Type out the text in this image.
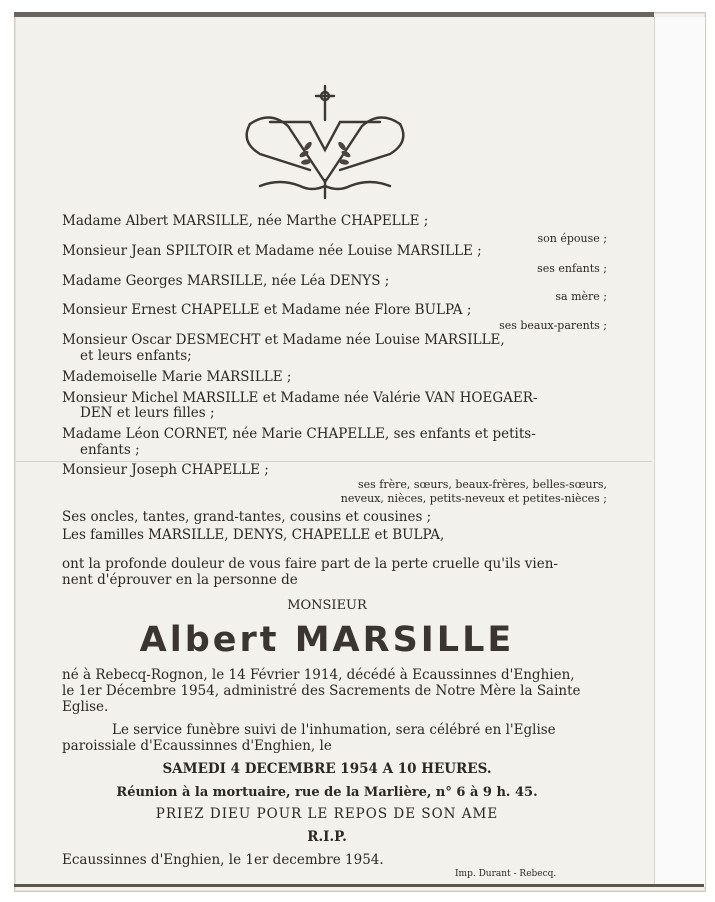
Madame Albert MARSILLE, née Marthe CHAPELLE ;
son épouse ;
Monsieur Jean SPILTOIR et Madame née Louise MARSILLE ;
ses enfants ;
Madame Georges MARSILLE, née Léa DENYS ;
sa mère ;
Monsieur Ernest CHAPELLE et Madame née Flore BULPA ;
ses beaux-parents ;
Monsieur Oscar DESMECHT et Madame née Louise MARSILLE,
et leurs enfants;
Mademoiselle Marie MARSILLE ;
Monsieur Michel MARSILLE et Madame née Valérie VAN HOEGAER-
DEN et leurs filles ;
Madame Léon CORNET, née Marie CHAPELLE, ses enfants et petits-
enfants ;
Monsieur Joseph CHAPELLE ;
ses frère, sœurs, beaux-frères, belles-sœurs,
neveux, nièces, petits-neveux et petites-nièces ;
Ses oncles, tantes, grand-tantes, cousins et cousines ;
Les familles MARSILLE, DENYS, CHAPELLE et BULPA,
ont la profonde douleur de vous faire part de la perte cruelle qu'ils vien-
nent d'éprouver en la personne de
MONSIEUR
Albert MARSILLE
né à Rebecq-Rognon, le 14 Février 1914, décédé à Ecaussinnes d'Enghien,
le 1er Décembre 1954, administré des Sacrements de Notre Mère la Sainte
Eglise.
Le service funèbre suivi de l'inhumation, sera célébré en l'Eglise
paroissiale d'Ecaussinnes d'Enghien, le
SAMEDI 4 DECEMBRE 1954 A 10 HEURES.
Réunion à la mortuaire, rue de la Marlière, n° 6 à 9 h. 45.
PRIEZ DIEU POUR LE REPOS DE SON AME
R.I.P.
Ecaussinnes d'Enghien, le 1er decembre 1954.
Imp. Durant - Rebecq.
